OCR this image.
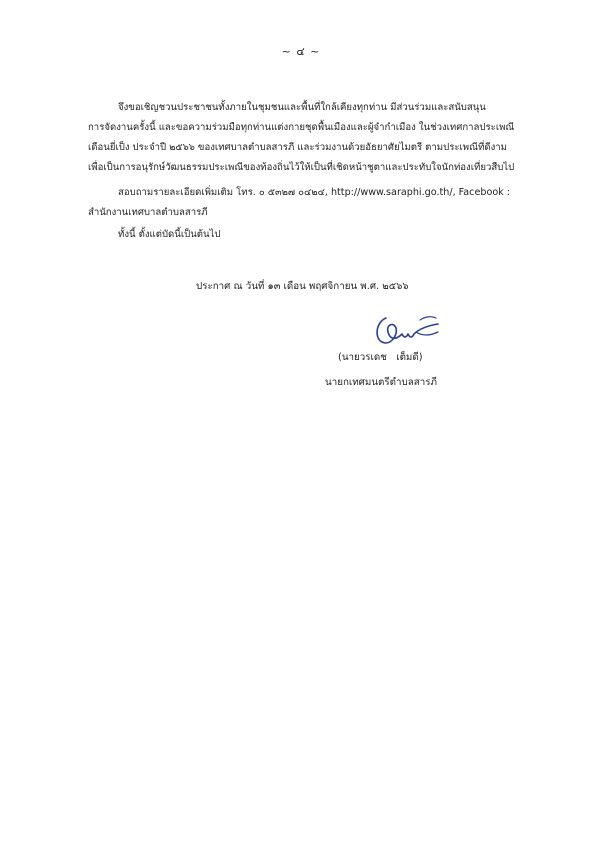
~ ๔ ~
จึงขอเชิญชวนประชาชนทั้งภายในชุมชนและพื้นที่ใกล้เคียงทุกท่าน มีส่วนร่วมและสนับสนุน
การจัดงานครั้งนี้ และขอความร่วมมือทุกท่านแต่งกายชุดพื้นเมืองและผู้จำกำเมือง ในช่วงเทศกาลประเพณี
เดือนยี่เป็ง ประจำปี ๒๕๖๖ ของเทศบาลตำบลสารภี และร่วมงานด้วยอัธยาศัยไมตรี ตามประเพณีที่ดีงาม
เพื่อเป็นการอนุรักษ์วัฒนธรรมประเพณีของท้องถิ่นไว้ให้เป็นที่เชิดหน้าชูตาและประทับใจนักท่องเที่ยวสืบไป
สอบถามรายละเอียดเพิ่มเติม โทร. ๐ ๕๓๒๗ ๐๔๒๔, http://www.saraphi.go.th/, Facebook :
สำนักงานเทศบาลตำบลสารภี
ทั้งนี้ ตั้งแต่บัดนี้เป็นต้นไป
ประกาศ ณ วันที่ ๑๓ เดือน พฤศจิกายน พ.ศ. ๒๕๖๖
(นายวรเดช   เต็มดี)
นายกเทศมนตรีตำบลสารภี
